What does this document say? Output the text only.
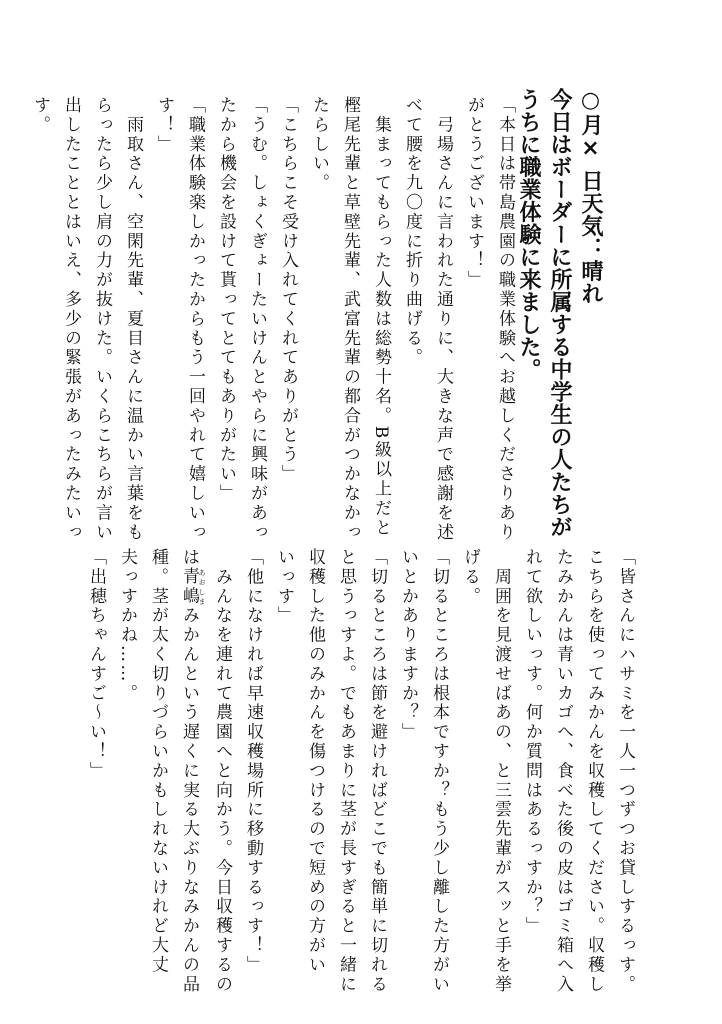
○月× 日天気：晴れ
今日はボーダーに所属する中学生の人たちが
うちに職業体験に来ました。
「本日は帯島農園の職業体験へお越しくださりあり
がとうございます！」
　弓場さんに言われた通りに、大きな声で感謝を述
べて腰を九〇度に折り曲げる。
　集まってもらった人数は総勢十名。B級以上だと
樫尾先輩と草壁先輩、武富先輩の都合がつかなかっ
たらしい。
「こちらこそ受け入れてくれてありがとう」
「うむ。しょくぎょーたいけんとやらに興味があっ
たから機会を設けて貰ってとてもありがたい」
「職業体験楽しかったからもう一回やれて嬉しいっ
す！」
　雨取さん、空閑先輩、夏目さんに温かい言葉をも
らったら少し肩の力が抜けた。いくらこちらが言い
出したこととはいえ、多少の緊張があったみたいっ
す。
「皆さんにハサミを一人一つずつお貸しするっす。
こちらを使ってみかんを収穫してください。収穫し
たみかんは青いカゴへ、食べた後の皮はゴミ箱へ入
れて欲しいっす。何か質問はあるっすか？」
　周囲を見渡せばあの、と三雲先輩がスッと手を挙
げる。
「切るところは根本ですか？もう少し離した方がい
いとかありますか？」
「切るところは節を避ければどこでも簡単に切れる
と思うっすよ。でもあまりに茎が長すぎると一緒に
収穫した他のみかんを傷つけるので短めの方がい
いっす」
「他になければ早速収穫場所に移動するっす！」
　みんなを連れて農園へと向かう。今日収穫するの
は青嶋 あおしまみかんという遅くに実る大ぶりなみかんの品
種。茎が太く切りづらいかもしれないけれど大丈
夫っすかね……。
「出穂ちゃんすご～い！」
